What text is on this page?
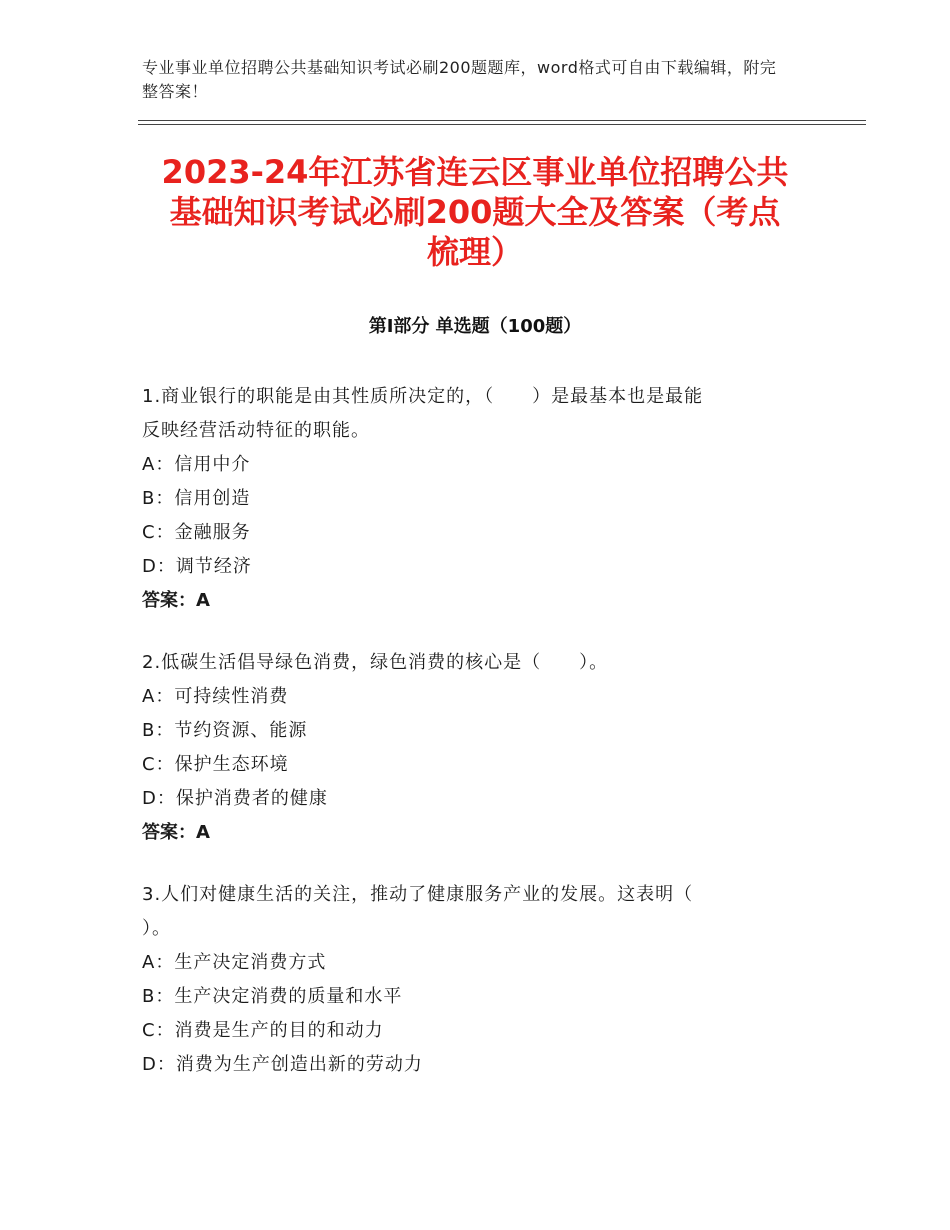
专业事业单位招聘公共基础知识考试必刷200题题库，word格式可自由下载编辑，附完整答案！
2023-24年江苏省连云区事业单位招聘公共
基础知识考试必刷200题大全及答案（考点
梳理）
第Ⅰ部分 单选题（100题）

1.商业银行的职能是由其性质所决定的，（　　）是最基本也是最能

反映经营活动特征的职能。

A：信用中介

B：信用创造

C：金融服务

D：调节经济

答案：A

2.低碳生活倡导绿色消费，绿色消费的核心是（　　）。

A：可持续性消费

B：节约资源、能源

C：保护生态环境

D：保护消费者的健康

答案：A

3.人们对健康生活的关注，推动了健康服务产业的发展。这表明（

）。

A：生产决定消费方式

B：生产决定消费的质量和水平

C：消费是生产的目的和动力

D：消费为生产创造出新的劳动力
